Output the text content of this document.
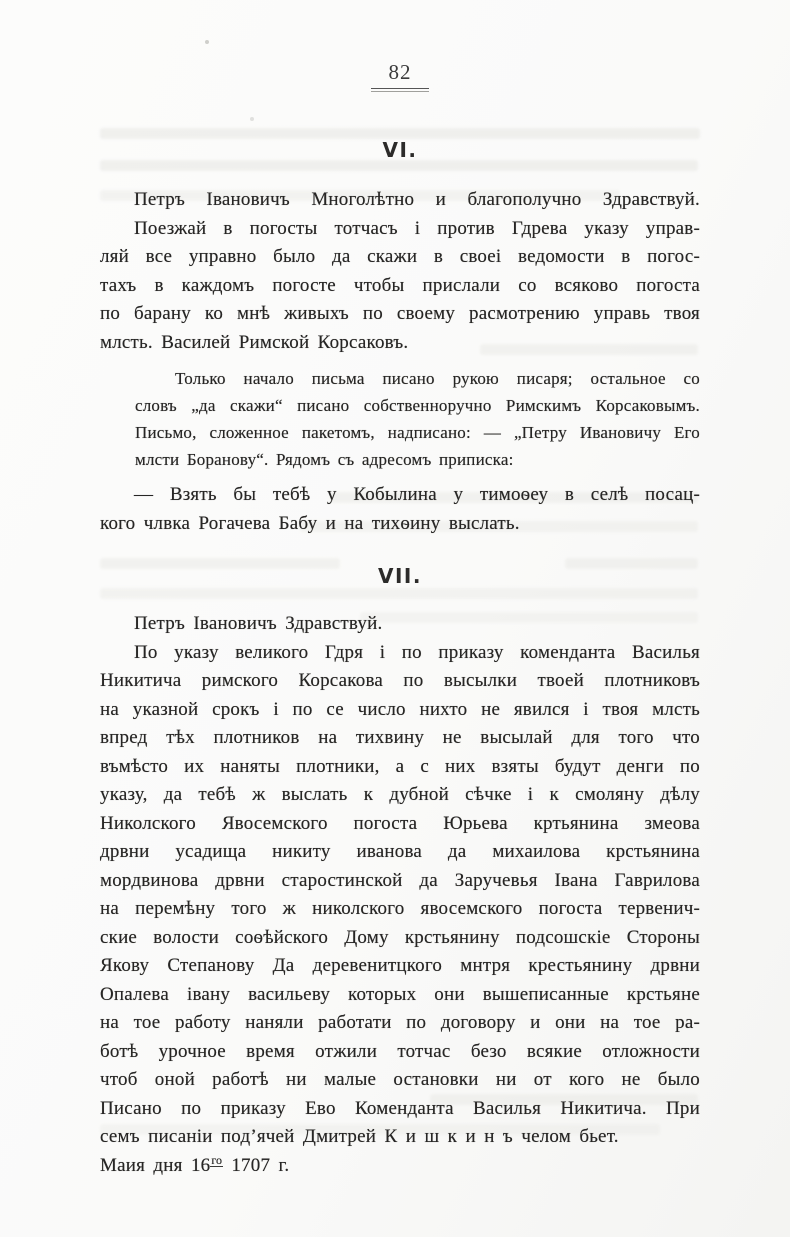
82
VI.
Петръ Івановичъ Многолѣтно и благополучно Здравствуй.
Поезжай в погосты тотчасъ і против Гдрева указу управ-
ляй все управно было да скажи в своеі ведомости в погос-
тахъ в каждомъ погосте чтобы прислали со всяково погоста
по барану ко мнѣ живыхъ по своему расмотрению управь твоя
млсть. Василей Римской Корсаковъ.
Только начало письма писано рукою писаря; остальное со
словъ „да скажи“ писано собственноручно Римскимъ Корсаковымъ.
Письмо, сложенное пакетомъ, надписано: — „Петру Ивановичу Его
млсти Боранову“. Рядомъ съ адресомъ приписка:
— Взять бы тебѣ у Кобылина у тимоѳеу в селѣ посац-
кого члвка Рогачева Бабу и на тихѳину выслать.
VII.
Петръ Івановичъ Здравствуй.
По указу великого Гдря і по приказу коменданта Василья
Никитича римского Корсакова по высылки твоей плотниковъ
на указной срокъ і по се число нихто не явился і твоя млсть
впред тѣх плотников на тихвину не высылай для того что
въмѣсто их наняты плотники, а с них взяты будут денги по
указу, да тебѣ ж выслать к дубной сѣчке і к смоляну дѣлу
Николского Явосемского погоста Юрьева кртьянина змеова
дрвни усадища никиту иванова да михаилова крстьянина
мордвинова дрвни старостинской да Заручевья Івана Гаврилова
на перемѣну того ж николского явосемского погоста тервенич-
ские волости соѳѣйского Дому крстьянину подсошскіе Стороны
Якову Степанову Да деревенитцкого мнтря крестьянину дрвни
Опалева івану васильеву которых они вышеписанные крстьяне
на тое работу наняли работати по договору и они на тое ра-
ботѣ урочное время отжили тотчас безо всякие отложности
чтоб оной работѣ ни малые остановки ни от кого не было
Писано по приказу Ево Коменданта Василья Никитича. При
семъ писаніи под’ячей Дмитрей К и ш к и н ъ челом бьет.
Маия дня 16го 1707 г.
